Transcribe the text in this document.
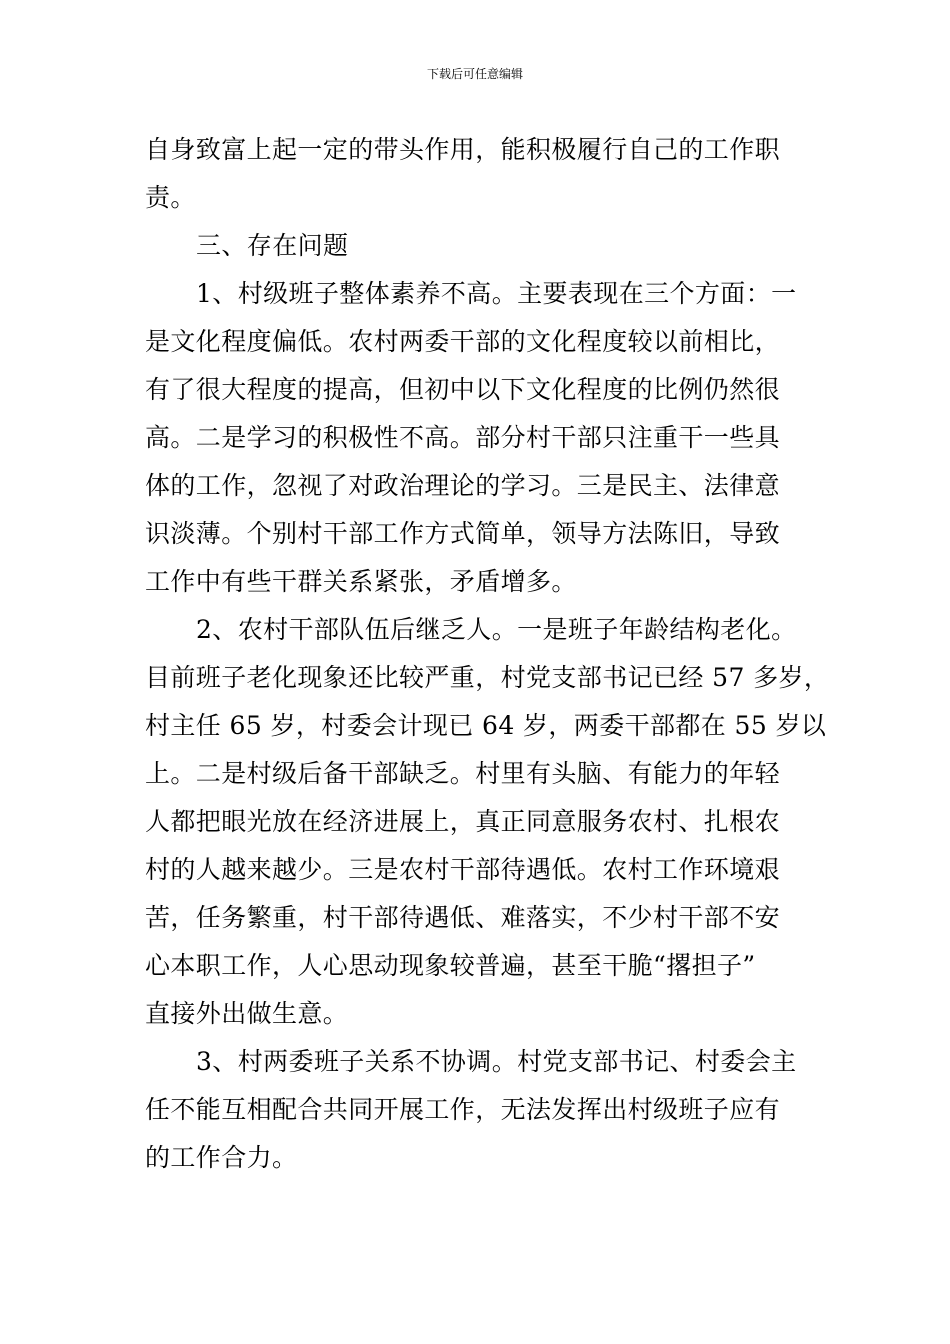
下载后可任意编辑
自身致富上起一定的带头作用，能积极履行自己的工作职
责。
三、存在问题
1、村级班子整体素养不高。主要表现在三个方面：一
是文化程度偏低。农村两委干部的文化程度较以前相比，
有了很大程度的提高，但初中以下文化程度的比例仍然很
高。二是学习的积极性不高。部分村干部只注重干一些具
体的工作，忽视了对政治理论的学习。三是民主、法律意
识淡薄。个别村干部工作方式简单，领导方法陈旧，导致
工作中有些干群关系紧张，矛盾增多。
2、农村干部队伍后继乏人。一是班子年龄结构老化。
目前班子老化现象还比较严重，村党支部书记已经 57 多岁，
村主任 65 岁，村委会计现已 64 岁，两委干部都在 55 岁以
上。二是村级后备干部缺乏。村里有头脑、有能力的年轻
人都把眼光放在经济进展上，真正同意服务农村、扎根农
村的人越来越少。三是农村干部待遇低。农村工作环境艰
苦，任务繁重，村干部待遇低、难落实，不少村干部不安
心本职工作，人心思动现象较普遍，甚至干脆“撂担子”
直接外出做生意。
3、村两委班子关系不协调。村党支部书记、村委会主
任不能互相配合共同开展工作，无法发挥出村级班子应有
的工作合力。
